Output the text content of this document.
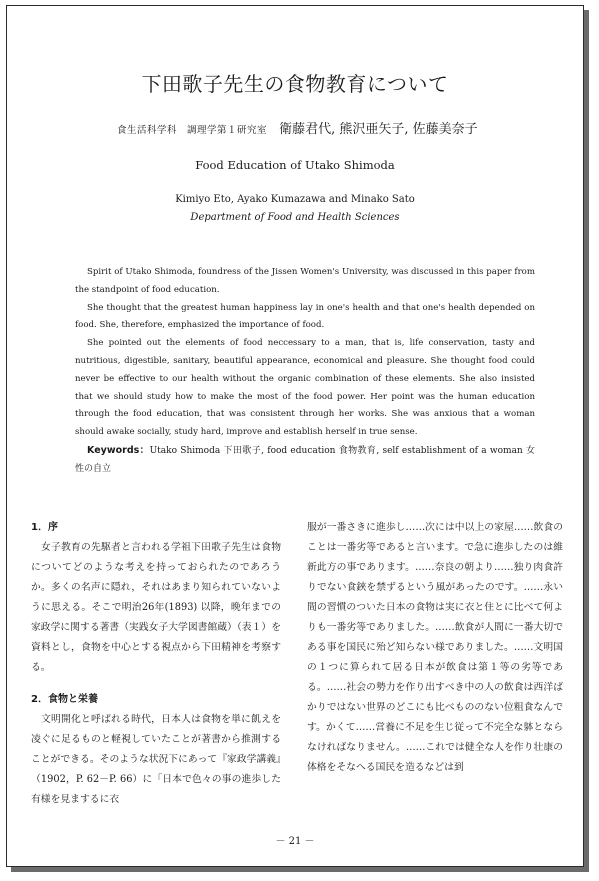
下田歌子先生の食物教育について
食生活科学科　調理学第１研究室 衛藤君代, 熊沢亜矢子, 佐藤美奈子
Food Education of Utako Shimoda
Kimiyo Eto, Ayako Kumazawa and Minako Sato
Department of Food and Health Sciences

Spirit of Utako Shimoda, foundress of the Jissen Women's University, was discussed in this paper from the standpoint of food education.

She thought that the greatest human happiness lay in one's health and that one's health depended on food. She, therefore, emphasized the importance of food.

She pointed out the elements of food neccessary to a man, that is, life conservation, tasty and nutritious, digestible, sanitary, beautiful appearance, economical and pleasure. She thought food could never be effective to our health without the organic combination of these elements. She also insisted that we should study how to make the most of the food power. Her point was the human education through the food education, that was consistent through her works. She was anxious that a woman should awake socially, study hard, improve and establish herself in true sense.

Keywords：Utako Shimoda 下田歌子, food education 食物教育, self establishment of a woman 女性の自立

1．序

女子教育の先駆者と言われる学祖下田歌子先生は食物についてどのような考えを持っておられたのであろうか。多くの名声に隠れ，それはあまり知られていないように思える。そこで明治26年(1893) 以降，晩年までの家政学に関する著書（実践女子大学図書館蔵）（表１）を資料とし，食物を中心とする視点から下田精神を考察する。

2．食物と栄養

文明開化と呼ばれる時代，日本人は食物を単に飢えを凌ぐに足るものと軽視していたことが著書から推測することができる。そのような状況下にあって『家政学講義』（1902，P. 62－P. 66）に「日本で色々の事の進歩した有様を見まするに衣

服が一番さきに進歩し……次には中以上の家屋……飲食のことは一番劣等であると言います。で急に進歩したのは維新此方の事であります。……奈良の朝より……独り肉食許りでない食鋏を禁ずるという風があったのです。……永い間の習慣のついた日本の食物は実に衣と住とに比べて何よりも一番劣等でありました。……飲食が人間に一番大切である事を国民に殆ど知らない様でありました。……文明国の１つに算られて居る日本が飲食は第１等の劣等である。……社会の勢力を作り出すべき中の人の飲食は西洋ばかりではない世界のどこにも比べもののない位粗食なんです。かくて……営養に不足を生じ従って不完全な躰とならなければなりません。……これでは健全な人を作り壮康の体格をそなへる国民を造るなどは到

－ 21 －
